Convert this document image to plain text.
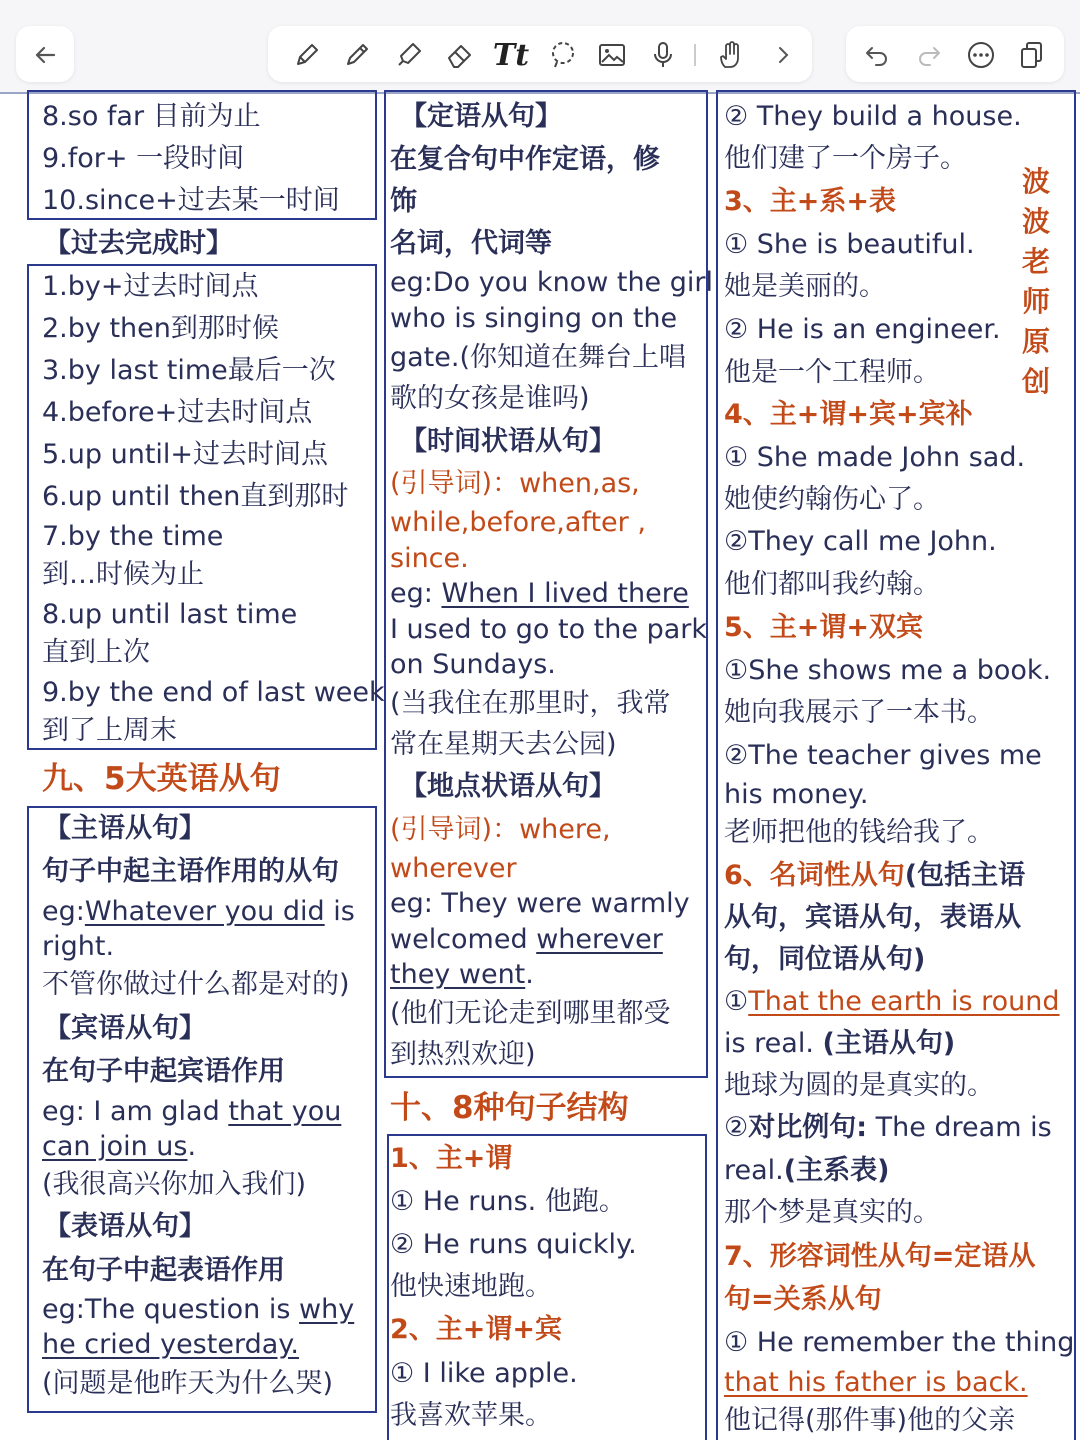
Tt
8.so far 目前为止
9.for+ 一段时间
10.since+过去某一时间
【过去完成时】
1.by+过去时间点
2.by then到那时候
3.by last time最后一次
4.before+过去时间点
5.up until+过去时间点
6.up until then直到那时
7.by the time
到…时候为止
8.up until last time
直到上次
9.by the end of last week
到了上周末
九、5大英语从句
【主语从句】
句子中起主语作用的从句
eg:Whatever you did is
right.
不管你做过什么都是对的)
【宾语从句】
在句子中起宾语作用
eg: I am glad that you
can join us.
(我很高兴你加入我们)
【表语从句】
在句子中起表语作用
eg:The question is why
he cried yesterday.
(问题是他昨天为什么哭)
【定语从句】
在复合句中作定语，修
饰
名词，代词等
eg:Do you know the girl
who is singing on the
gate.(你知道在舞台上唱
歌的女孩是谁吗)
【时间状语从句】
(引导词)：when,as,
while,before,after ,
since.
eg: When I lived there
I used to go to the park
on Sundays.
(当我住在那里时，我常
常在星期天去公园)
【地点状语从句】
(引导词)：where,
wherever
eg: They were warmly
welcomed wherever
they went.
(他们无论走到哪里都受
到热烈欢迎)
十、8种句子结构
1、主+谓
① He runs. 他跑。
② He runs quickly.
他快速地跑。
2、主+谓+宾
① I like apple.
我喜欢苹果。
② They build a house.
他们建了一个房子。
3、主+系+表
① She is beautiful.
她是美丽的。
② He is an engineer.
他是一个工程师。
4、主+谓+宾+宾补
① She made John sad.
她使约翰伤心了。
②They call me John.
他们都叫我约翰。
5、主+谓+双宾
①She shows me a book.
她向我展示了一本书。
②The teacher gives me
his money.
老师把他的钱给我了。
6、名词性从句(包括主语
从句，宾语从句，表语从
句，同位语从句)
①That the earth is round
is real. (主语从句)
地球为圆的是真实的。
②对比例句: The dream is
real.(主系表)
那个梦是真实的。
7、形容词性从句=定语从
句=关系从句
① He remember the thing
that his father is back.
他记得(那件事)他的父亲
波波老师原创
